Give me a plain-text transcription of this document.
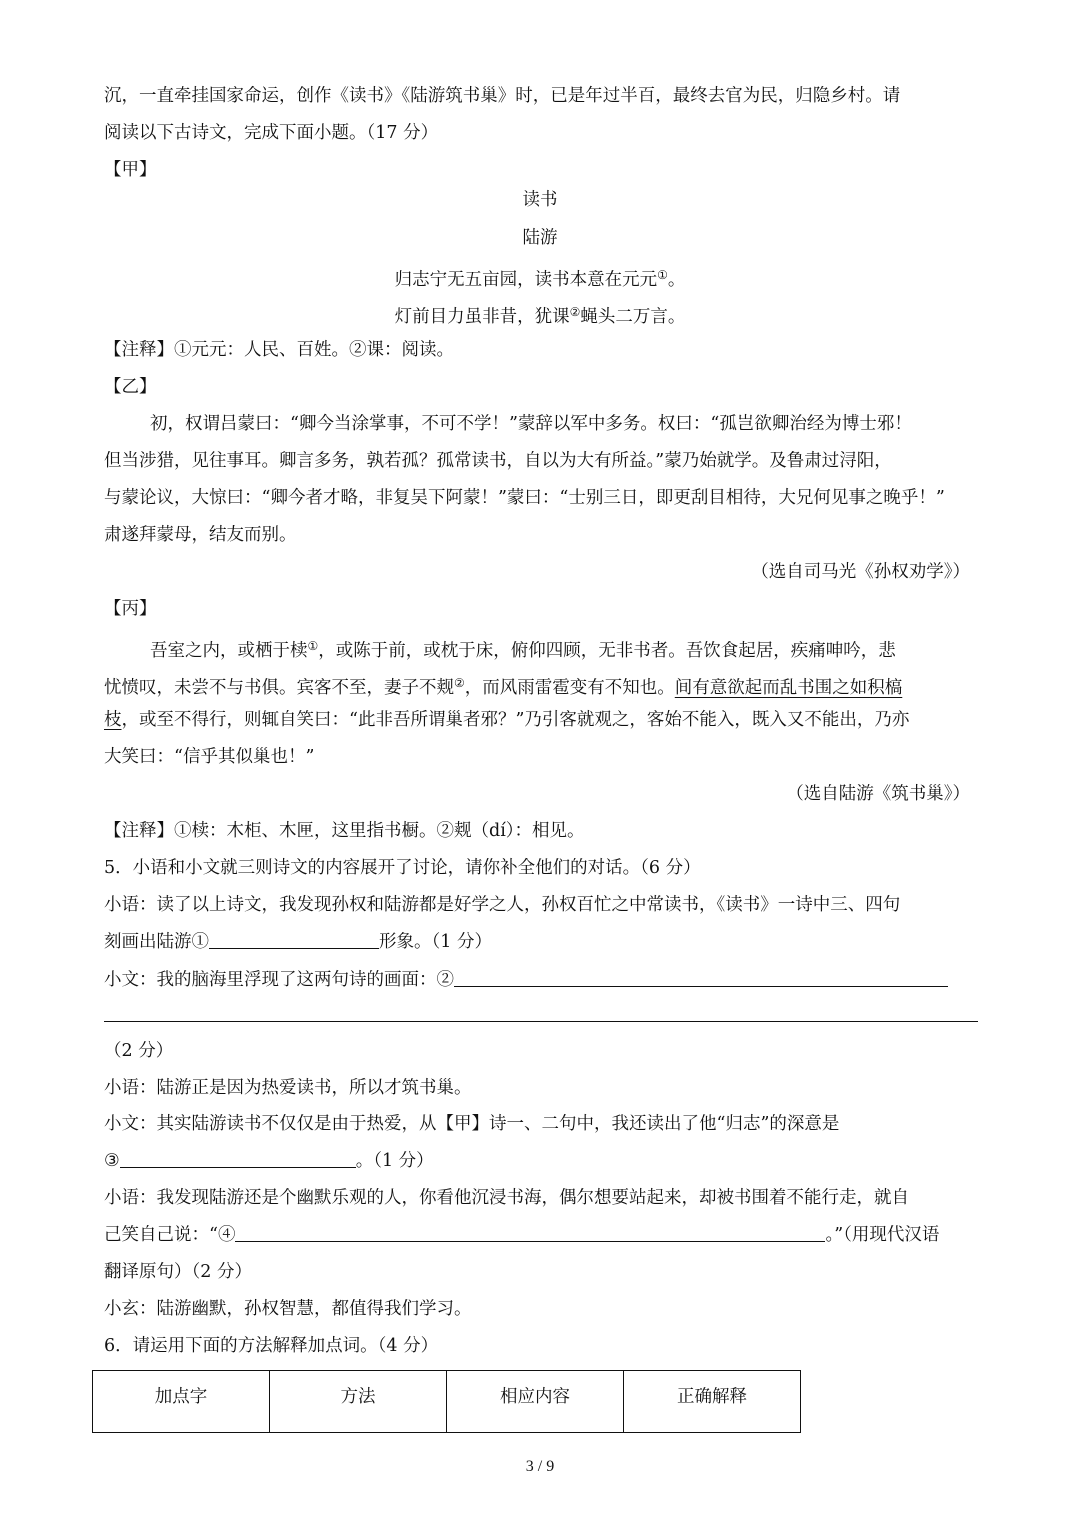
沉，一直牵挂国家命运，创作《读书》《陆游筑书巢》时，已是年过半百，最终去官为民，归隐乡村。请
阅读以下古诗文，完成下面小题。（17 分）
【甲】
读书
陆游
归志宁无五亩园，读书本意在元元①。
灯前目力虽非昔，犹课②蝇头二万言。
【注释】①元元：人民、百姓。②课：阅读。
【乙】
初，权谓吕蒙曰：“卿今当涂掌事，不可不学！”蒙辞以军中多务。权曰：“孤岂欲卿治经为博士邪！
但当涉猎，见往事耳。卿言多务，孰若孤？孤常读书，自以为大有所益。”蒙乃始就学。及鲁肃过浔阳，
与蒙论议，大惊曰：“卿今者才略，非复吴下阿蒙！”蒙曰：“士别三日，即更刮目相待，大兄何见事之晚乎！”
肃遂拜蒙母，结友而别。
（选自司马光《孙权劝学》）
【丙】
吾室之内，或栖于椟①，或陈于前，或枕于床，俯仰四顾，无非书者。吾饮食起居，疾痛呻吟，悲
忧愤叹，未尝不与书俱。宾客不至，妻子不觌②，而风雨雷雹变有不知也。间有意欲起而乱书围之如积槁
枝，或至不得行，则辄自笑曰：“此非吾所谓巢者邪？”乃引客就观之，客始不能入，既入又不能出，乃亦
大笑曰：“信乎其似巢也！”
（选自陆游《筑书巢》）
【注释】①椟：木柜、木匣，这里指书橱。②觌（dí）：相见。
5．小语和小文就三则诗文的内容展开了讨论，请你补全他们的对话。（6 分）
小语：读了以上诗文，我发现孙权和陆游都是好学之人，孙权百忙之中常读书，《读书》一诗中三、四句
刻画出陆游①	形象。（1 分）
小文：我的脑海里浮现了这两句诗的画面：②
（2 分）
小语：陆游正是因为热爱读书，所以才筑书巢。
小文：其实陆游读书不仅仅是由于热爱，从【甲】诗一、二句中，我还读出了他“归志”的深意是
③	。（1 分）
小语：我发现陆游还是个幽默乐观的人，你看他沉浸书海，偶尔想要站起来，却被书围着不能行走，就自
己笑自己说：“④	。”（用现代汉语
翻译原句）（2 分）
小玄：陆游幽默，孙权智慧，都值得我们学习。
6．请运用下面的方法解释加点词。（4 分）
加点字	方法	相应内容	正确解释
3 / 9
